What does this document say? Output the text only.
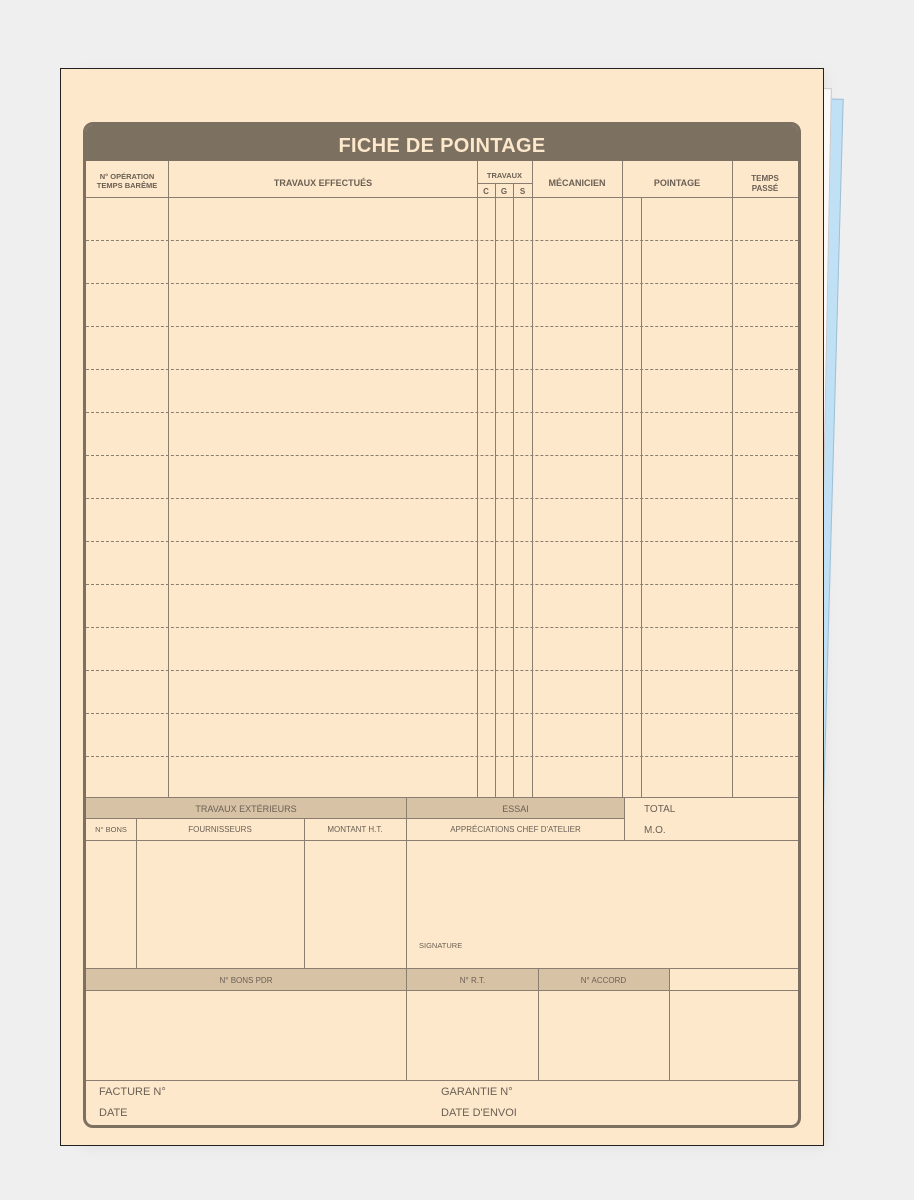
FICHE DE POINTAGE
N° OPÉRATION
TEMPS BARÊME	TRAVAUX EFFECTUÉS
TRAVAUX
C	G	S
MÉCANICIEN	POINTAGE	TEMPS
PASSÉ
TRAVAUX EXTÉRIEURS	ESSAI	TOTAL
M.O.
N° BONS	FOURNISSEURS	MONTANT H.T.	APPRÉCIATIONS CHEF D'ATELIER
SIGNATURE
N° BONS PDR	N° R.T.	N° ACCORD
FACTURE N°	GARANTIE N°
DATE	DATE D'ENVOI
